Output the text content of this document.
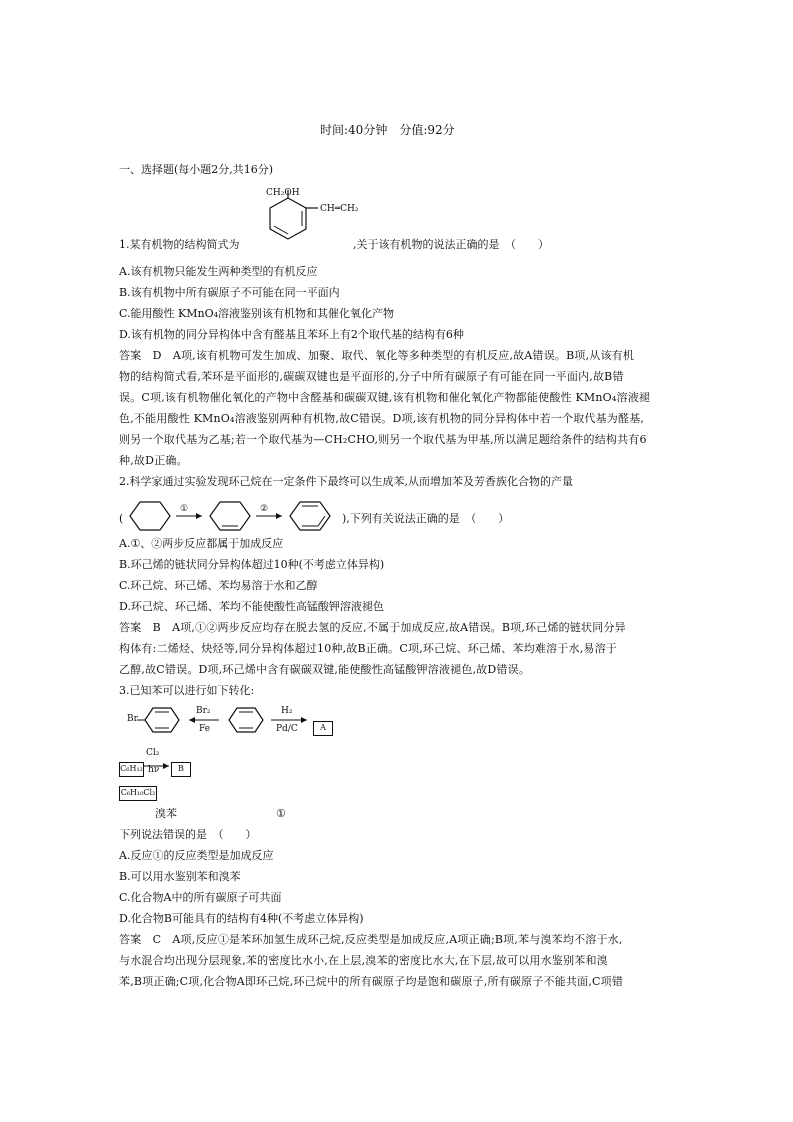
时间:40分钟　分值:92分
一、选择题(每小题2分,共16分)
CH₂OH
CH═CH₂
1.某有机物的结构简式为	,关于该有机物的说法正确的是　（　　）
A.该有机物只能发生两种类型的有机反应
B.该有机物中所有碳原子不可能在同一平面内
C.能用酸性 KMnO₄溶液鉴别该有机物和其催化氧化产物
D.该有机物的同分异构体中含有醛基且苯环上有2个取代基的结构有6种
答案　D　A项,该有机物可发生加成、加聚、取代、氧化等多种类型的有机反应,故A错误。B项,从该有机
物的结构简式看,苯环是平面形的,碳碳双键也是平面形的,分子中所有碳原子有可能在同一平面内,故B错
误。C项,该有机物催化氧化的产物中含醛基和碳碳双键,该有机物和催化氧化产物都能使酸性 KMnO₄溶液褪
色,不能用酸性 KMnO₄溶液鉴别两种有机物,故C错误。D项,该有机物的同分异构体中若一个取代基为醛基,
则另一个取代基为乙基;若一个取代基为—CH₂CHO,则另一个取代基为甲基,所以满足题给条件的结构共有6
种,故D正确。
2.科学家通过实验发现环己烷在一定条件下最终可以生成苯,从而增加苯及芳香族化合物的产量
(
①	②
),下列有关说法正确的是　（　　）
A.①、②两步反应都属于加成反应
B.环己烯的链状同分异构体超过10种(不考虑立体异构)
C.环己烷、环己烯、苯均易溶于水和乙醇
D.环己烷、环己烯、苯均不能使酸性高锰酸钾溶液褪色
答案　B　A项,①②两步反应均存在脱去氢的反应,不属于加成反应,故A错误。B项,环己烯的链状同分异
构体有:二烯烃、炔烃等,同分异构体超过10种,故B正确。C项,环己烷、环己烯、苯均难溶于水,易溶于
乙醇,故C错误。D项,环己烯中含有碳碳双键,能使酸性高锰酸钾溶液褪色,故D错误。
3.已知苯可以进行如下转化:
Br
Br₂
Fe
H₂
Pd/C	A
Cl₂
hν
C₆H₁₂	B
C₆H₁₀Cl₂
溴苯	①
下列说法错误的是　（　　）
A.反应①的反应类型是加成反应
B.可以用水鉴别苯和溴苯
C.化合物A中的所有碳原子可共面
D.化合物B可能具有的结构有4种(不考虑立体异构)
答案　C　A项,反应①是苯环加氢生成环己烷,反应类型是加成反应,A项正确;B项,苯与溴苯均不溶于水,
与水混合均出现分层现象,苯的密度比水小,在上层,溴苯的密度比水大,在下层,故可以用水鉴别苯和溴
苯,B项正确;C项,化合物A即环己烷,环己烷中的所有碳原子均是饱和碳原子,所有碳原子不能共面,C项错
